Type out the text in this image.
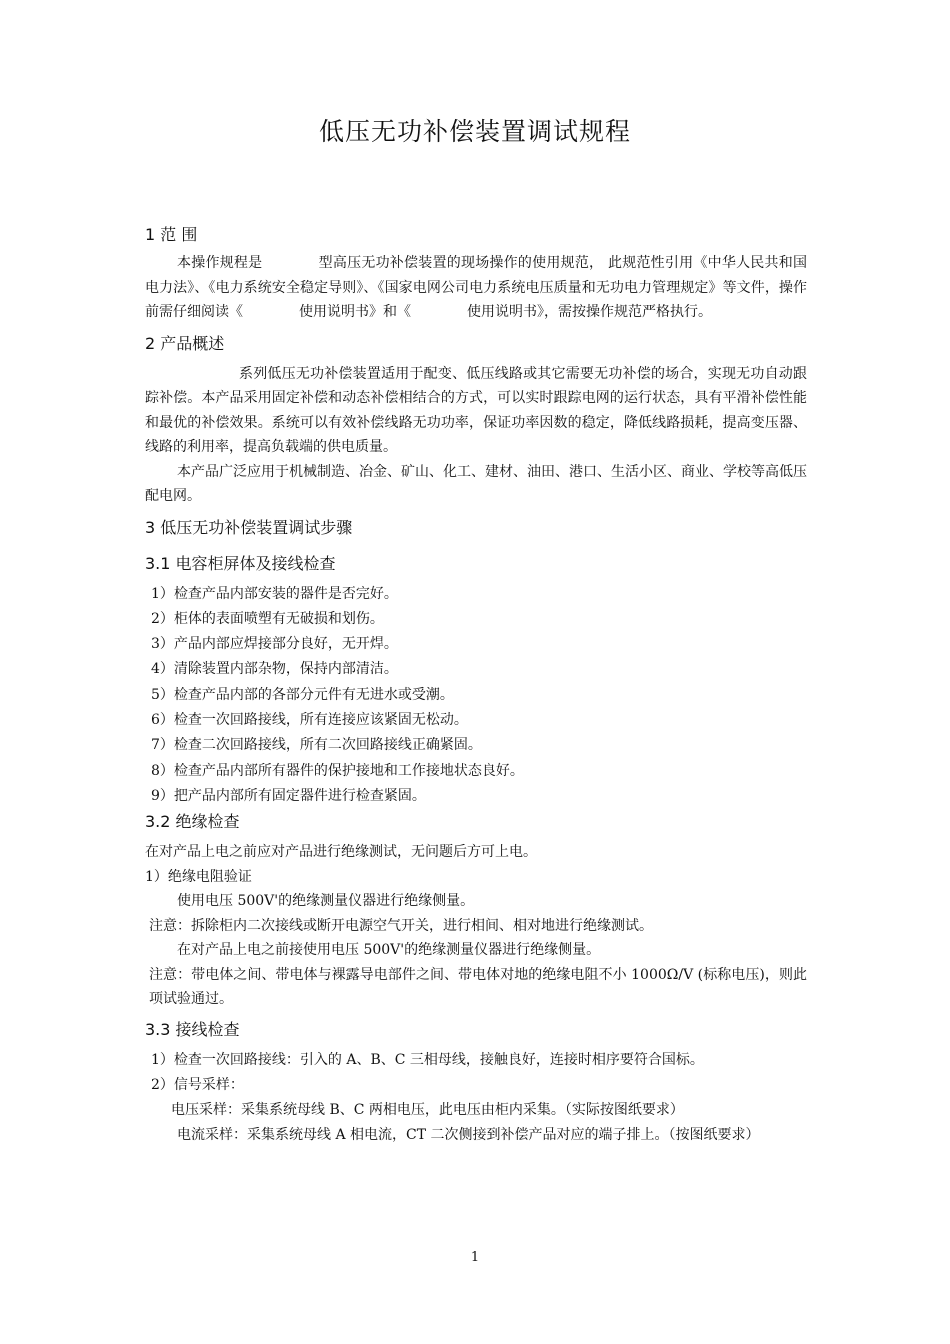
低压无功补偿装置调试规程
1 范 围

本操作规程是	型高压无功补偿装置的现场操作的使用规范， 此规范性引用《中华人民共和国电力法》、《电力系统安全稳定导则》、《国家电网公司电力系统电压质量和无功电力管理规定》等文件，操作前需仔细阅读《	使用说明书》和《	使用说明书》，需按操作规范严格执行。

2 产品概述

系列低压无功补偿装置适用于配变、低压线路或其它需要无功补偿的场合，实现无功自动跟踪补偿。本产品采用固定补偿和动态补偿相结合的方式，可以实时跟踪电网的运行状态，具有平滑补偿性能和最优的补偿效果。系统可以有效补偿线路无功功率，保证功率因数的稳定，降低线路损耗，提高变压器、线路的利用率，提高负载端的供电质量。

本产品广泛应用于机械制造、冶金、矿山、化工、建材、油田、港口、生活小区、商业、学校等高低压配电网。

3 低压无功补偿装置调试步骤
3.1 电容柜屏体及接线检查

1）检查产品内部安装的器件是否完好。

2）柜体的表面喷塑有无破损和划伤。

3）产品内部应焊接部分良好，无开焊。

4）清除装置内部杂物，保持内部清洁。

5）检查产品内部的各部分元件有无进水或受潮。

6）检查一次回路接线，所有连接应该紧固无松动。

7）检查二次回路接线，所有二次回路接线正确紧固。

8）检查产品内部所有器件的保护接地和工作接地状态良好。

9）把产品内部所有固定器件进行检查紧固。

3.2 绝缘检查

在对产品上电之前应对产品进行绝缘测试，无问题后方可上电。

1）绝缘电阻验证

使用电压 500V'的绝缘测量仪器进行绝缘侧量。

注意：拆除柜内二次接线或断开电源空气开关，进行相间、相对地进行绝缘测试。

在对产品上电之前接使用电压 500V'的绝缘测量仪器进行绝缘侧量。

注意：带电体之间、带电体与裸露导电部件之间、带电体对地的绝缘电阻不小 1000Ω/V (标称电压)，则此项试验通过。

3.3 接线检查

1）检查一次回路接线：引入的 A、B、C 三相母线，接触良好，连接时相序要符合国标。

2）信号采样：

电压采样：采集系统母线 B、C 两相电压，此电压由柜内采集。（实际按图纸要求）

电流采样：采集系统母线 A 相电流，CT 二次侧接到补偿产品对应的端子排上。（按图纸要求）

1
